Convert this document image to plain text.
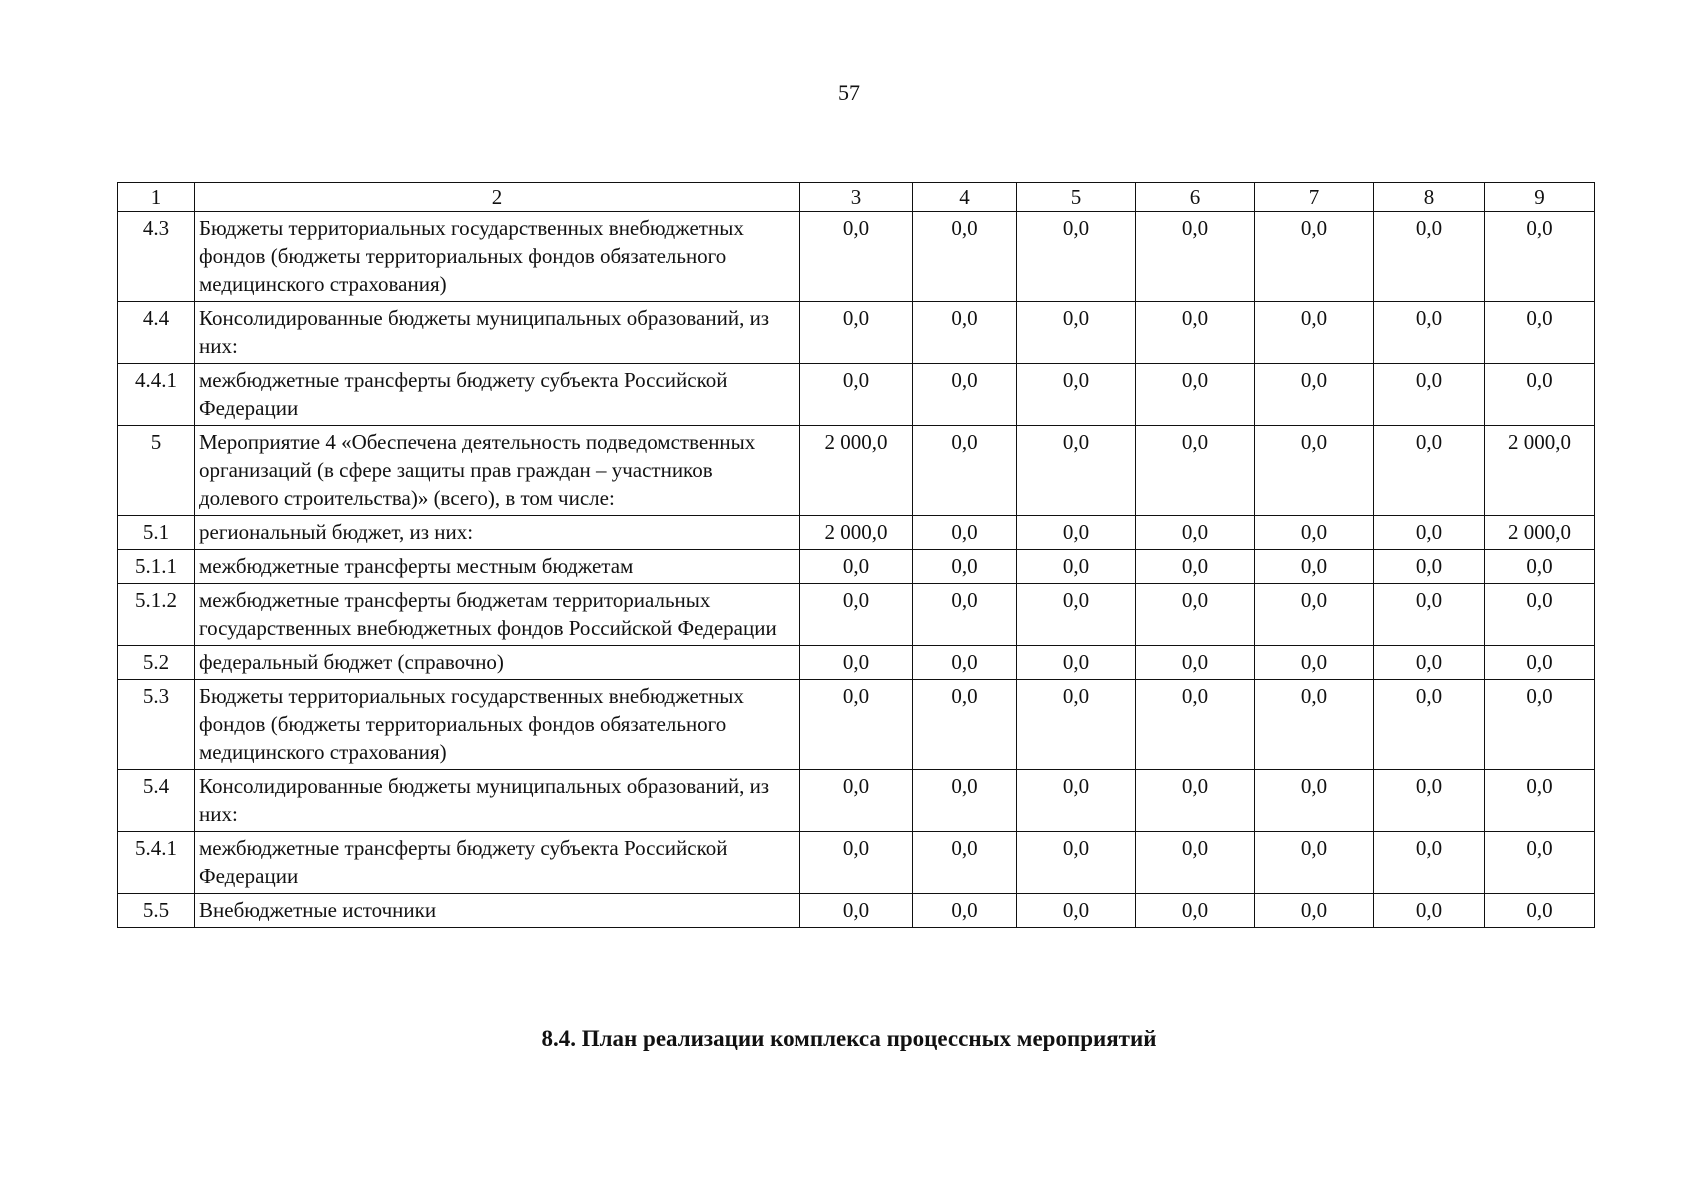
57
1	2	3	4	5	6	7	8	9
4.3	Бюджеты территориальных государственных внебюджетных фондов (бюджеты территориальных фондов обязательного медицинского страхования)	0,0	0,0	0,0	0,0	0,0	0,0	0,0
4.4	Консолидированные бюджеты муниципальных образований, из них:	0,0	0,0	0,0	0,0	0,0	0,0	0,0
4.4.1	межбюджетные трансферты бюджету субъекта Российской Федерации	0,0	0,0	0,0	0,0	0,0	0,0	0,0
5	Мероприятие 4 «Обеспечена деятельность подведомственных организаций (в сфере защиты прав граждан – участников долевого строительства)» (всего), в том числе:	2 000,0	0,0	0,0	0,0	0,0	0,0	2 000,0
5.1	региональный бюджет, из них:	2 000,0	0,0	0,0	0,0	0,0	0,0	2 000,0
5.1.1	межбюджетные трансферты местным бюджетам	0,0	0,0	0,0	0,0	0,0	0,0	0,0
5.1.2	межбюджетные трансферты бюджетам территориальных государственных внебюджетных фондов Российской Федерации	0,0	0,0	0,0	0,0	0,0	0,0	0,0
5.2	федеральный бюджет (справочно)	0,0	0,0	0,0	0,0	0,0	0,0	0,0
5.3	Бюджеты территориальных государственных внебюджетных фондов (бюджеты территориальных фондов обязательного медицинского страхования)	0,0	0,0	0,0	0,0	0,0	0,0	0,0
5.4	Консолидированные бюджеты муниципальных образований, из них:	0,0	0,0	0,0	0,0	0,0	0,0	0,0
5.4.1	межбюджетные трансферты бюджету субъекта Российской Федерации	0,0	0,0	0,0	0,0	0,0	0,0	0,0
5.5	Внебюджетные источники	0,0	0,0	0,0	0,0	0,0	0,0	0,0
8.4. План реализации комплекса процессных мероприятий
